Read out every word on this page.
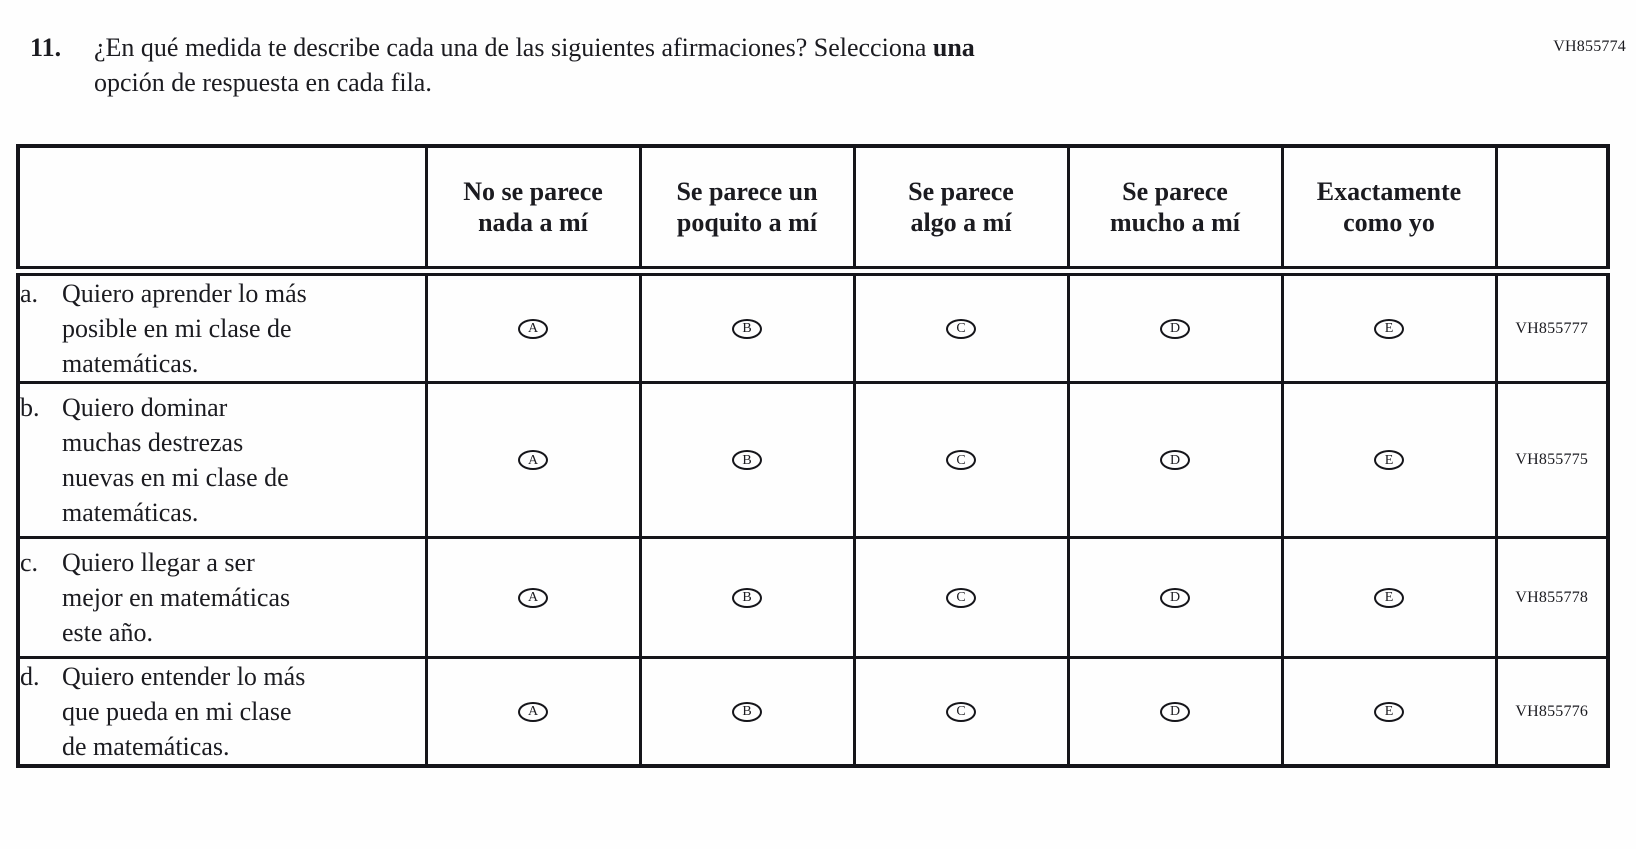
VH855774
11.	¿En qué medida te describe cada una de las siguientes afirmaciones? Selecciona una
opción de respuesta en cada fila.
	No se parece nada a mí	Se parece un poquito a mí	Se parece algo a mí	Se parece mucho a mí	Exactamente como yo	

a. Quiero aprender lo más posible en mi clase de matemáticas.	A	B	C	D	E	VH855777

b. Quiero dominar muchas destrezas nuevas en mi clase de matemáticas.	A	B	C	D	E	VH855775

c. Quiero llegar a ser mejor en matemáticas este año.	A	B	C	D	E	VH855778

d. Quiero entender lo más que pueda en mi clase de matemáticas.	A	B	C	D	E	VH855776
